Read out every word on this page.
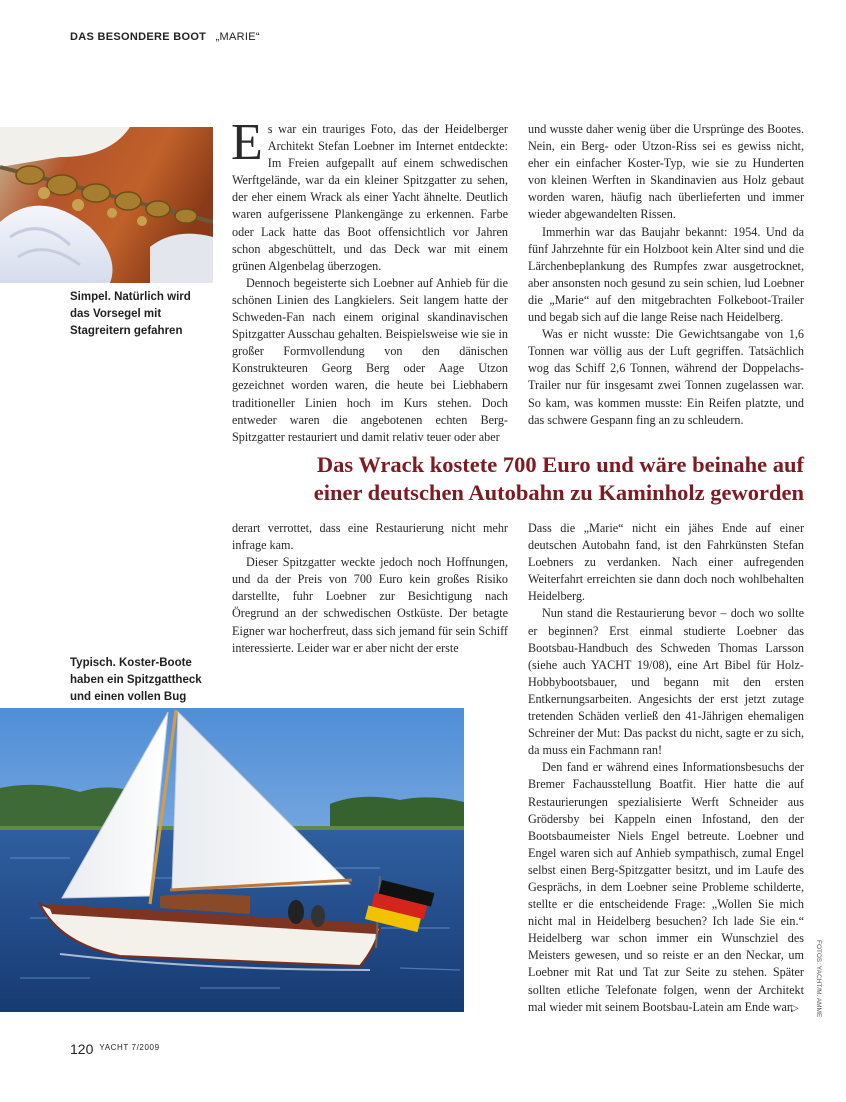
DAS BESONDERE BOOT „MARIE“
Simpel. Natürlich wird
das Vorsegel mit
Stagreitern gefahren
Typisch. Koster-Boote
haben ein Spitzgattheck
und einen vollen Bug

Es war ein trauriges Foto, das der Heidelberger Architekt Stefan Loebner im Internet entdeckte: Im Freien aufgepallt auf einem schwedischen Werftgelände, war da ein kleiner Spitzgatter zu sehen, der eher einem Wrack als einer Yacht ähnelte. Deutlich waren aufgerissene Plankengänge zu erkennen. Farbe oder Lack hatte das Boot offensichtlich vor Jahren schon abgeschüttelt, und das Deck war mit einem grünen Algenbelag überzogen.

Dennoch begeisterte sich Loebner auf Anhieb für die schönen Linien des Langkielers. Seit langem hatte der Schweden-Fan nach einem original skandinavischen Spitzgatter Ausschau gehalten. Beispielsweise wie sie in großer Formvollendung von den dänischen Konstrukteuren Georg Berg oder Aage Utzon gezeichnet worden waren, die heute bei Liebhabern traditioneller Linien hoch im Kurs stehen. Doch entweder waren die angebotenen echten Berg-Spitzgatter restauriert und damit relativ teuer oder aber

und wusste daher wenig über die Ursprünge des Bootes. Nein, ein Berg- oder Utzon-Riss sei es gewiss nicht, eher ein einfacher Koster-Typ, wie sie zu Hunderten von kleinen Werften in Skandinavien aus Holz gebaut worden waren, häufig nach überlieferten und immer wieder abgewandelten Rissen.

Immerhin war das Baujahr bekannt: 1954. Und da fünf Jahrzehnte für ein Holzboot kein Alter sind und die Lärchenbeplankung des Rumpfes zwar ausgetrocknet, aber ansonsten noch gesund zu sein schien, lud Loebner die „Marie“ auf den mitgebrachten Folkeboot-Trailer und begab sich auf die lange Reise nach Heidelberg.

Was er nicht wusste: Die Gewichtsangabe von 1,6 Tonnen war völlig aus der Luft gegriffen. Tatsächlich wog das Schiff 2,6 Tonnen, während der Doppelachs-Trailer nur für insgesamt zwei Tonnen zugelassen war. So kam, was kommen musste: Ein Reifen platzte, und das schwere Gespann fing an zu schleudern.

Das Wrack kostete 700 Euro und wäre beinahe auf
einer deutschen Autobahn zu Kaminholz geworden

derart verrottet, dass eine Restaurierung nicht mehr infrage kam.

Dieser Spitzgatter weckte jedoch noch Hoffnungen, und da der Preis von 700 Euro kein großes Risiko darstellte, fuhr Loebner zur Besichtigung nach Öregrund an der schwedischen Ostküste. Der betagte Eigner war hocherfreut, dass sich jemand für sein Schiff interessierte. Leider war er aber nicht der erste

Dass die „Marie“ nicht ein jähes Ende auf einer deutschen Autobahn fand, ist den Fahrkünsten Stefan Loebners zu verdanken. Nach einer aufregenden Weiterfahrt erreichten sie dann doch noch wohlbehalten Heidelberg.

Nun stand die Restaurierung bevor – doch wo sollte er beginnen? Erst einmal studierte Loebner das Bootsbau-Handbuch des Schweden Thomas Larsson (siehe auch YACHT 19/08), eine Art Bibel für Holz-Hobbybootsbauer, und begann mit den ersten Entkernungsarbeiten. Angesichts der erst jetzt zutage tretenden Schäden verließ den 41-Jährigen ehemaligen Schreiner der Mut: Das packst du nicht, sagte er zu sich, da muss ein Fachmann ran!

Den fand er während eines Informationsbesuchs der Bremer Fachausstellung Boatfit. Hier hatte die auf Restaurierungen spezialisierte Werft Schneider aus Grödersby bei Kappeln einen Infostand, den der Bootsbaumeister Niels Engel betreute. Loebner und Engel waren sich auf Anhieb sympathisch, zumal Engel selbst einen Berg-Spitzgatter besitzt, und im Laufe des Gesprächs, in dem Loebner seine Probleme schilderte, stellte er die entscheidende Frage: „Wollen Sie mich nicht mal in Heidelberg besuchen? Ich lade Sie ein.“ Heidelberg war schon immer ein Wunschziel des Meisters gewesen, und so reiste er an den Neckar, um Loebner mit Rat und Tat zur Seite zu stehen. Später sollten etliche Telefonate folgen, wenn der Architekt mal wieder mit seinem Bootsbau-Latein am Ende war.

▷	FOTOS: YACHT/M. AMME
120 $^{YACHT 7/2009}$
